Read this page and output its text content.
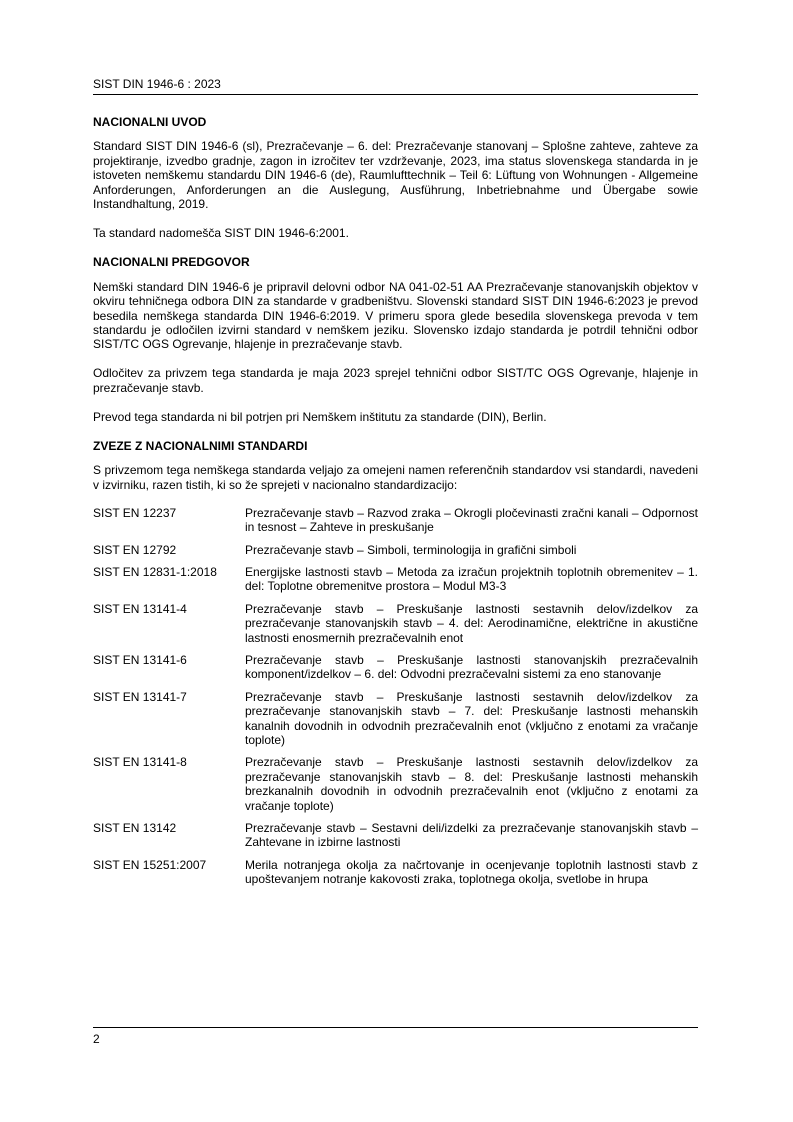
SIST DIN 1946-6 : 2023
NACIONALNI UVOD

Standard SIST DIN 1946-6 (sl), Prezračevanje – 6. del: Prezračevanje stanovanj – Splošne zahteve, zahteve za projektiranje, izvedbo gradnje, zagon in izročitev ter vzdrževanje, 2023, ima status slovenskega standarda in je istoveten nemškemu standardu DIN 1946-6 (de), Raumlufttechnik – Teil 6: Lüftung von Wohnungen - Allgemeine Anforderungen, Anforderungen an die Auslegung, Ausführung, Inbetriebnahme und Übergabe sowie Instandhaltung, 2019.

Ta standard nadomešča SIST DIN 1946-6:2001.

NACIONALNI PREDGOVOR

Nemški standard DIN 1946-6 je pripravil delovni odbor NA 041-02-51 AA Prezračevanje stanovanjskih objektov v okviru tehničnega odbora DIN za standarde v gradbeništvu. Slovenski standard SIST DIN 1946-6:2023 je prevod besedila nemškega standarda DIN 1946-6:2019. V primeru spora glede besedila slovenskega prevoda v tem standardu je odločilen izvirni standard v nemškem jeziku. Slovensko izdajo standarda je potrdil tehnični odbor SIST/TC OGS Ogrevanje, hlajenje in prezračevanje stavb.

Odločitev za privzem tega standarda je maja 2023 sprejel tehnični odbor SIST/TC OGS Ogrevanje, hlajenje in prezračevanje stavb.

Prevod tega standarda ni bil potrjen pri Nemškem inštitutu za standarde (DIN), Berlin.

ZVEZE Z NACIONALNIMI STANDARDI

S privzemom tega nemškega standarda veljajo za omejeni namen referenčnih standardov vsi standardi, navedeni v izvirniku, razen tistih, ki so že sprejeti v nacionalno standardizacijo:

SIST EN 12237	Prezračevanje stavb – Razvod zraka – Okrogli pločevinasti zračni kanali – Odpornost in tesnost – Zahteve in preskušanje
SIST EN 12792	Prezračevanje stavb – Simboli, terminologija in grafični simboli
SIST EN 12831-1:2018	Energijske lastnosti stavb – Metoda za izračun projektnih toplotnih obremenitev – 1. del: Toplotne obremenitve prostora – Modul M3-3
SIST EN 13141-4	Prezračevanje stavb – Preskušanje lastnosti sestavnih delov/izdelkov za prezračevanje stanovanjskih stavb – 4. del: Aerodinamične, električne in akustične lastnosti enosmernih prezračevalnih enot
SIST EN 13141-6	Prezračevanje stavb – Preskušanje lastnosti stanovanjskih prezračevalnih komponent/izdelkov – 6. del: Odvodni prezračevalni sistemi za eno stanovanje
SIST EN 13141-7	Prezračevanje stavb – Preskušanje lastnosti sestavnih delov/izdelkov za prezračevanje stanovanjskih stavb – 7. del: Preskušanje lastnosti mehanskih kanalnih dovodnih in odvodnih prezračevalnih enot (vključno z enotami za vračanje toplote)
SIST EN 13141-8	Prezračevanje stavb – Preskušanje lastnosti sestavnih delov/izdelkov za prezračevanje stanovanjskih stavb – 8. del: Preskušanje lastnosti mehanskih brezkanalnih dovodnih in odvodnih prezračevalnih enot (vključno z enotami za vračanje toplote)
SIST EN 13142	Prezračevanje stavb – Sestavni deli/izdelki za prezračevanje stanovanjskih stavb – Zahtevane in izbirne lastnosti
SIST EN 15251:2007	Merila notranjega okolja za načrtovanje in ocenjevanje toplotnih lastnosti stavb z upoštevanjem notranje kakovosti zraka, toplotnega okolja, svetlobe in hrupa
2
